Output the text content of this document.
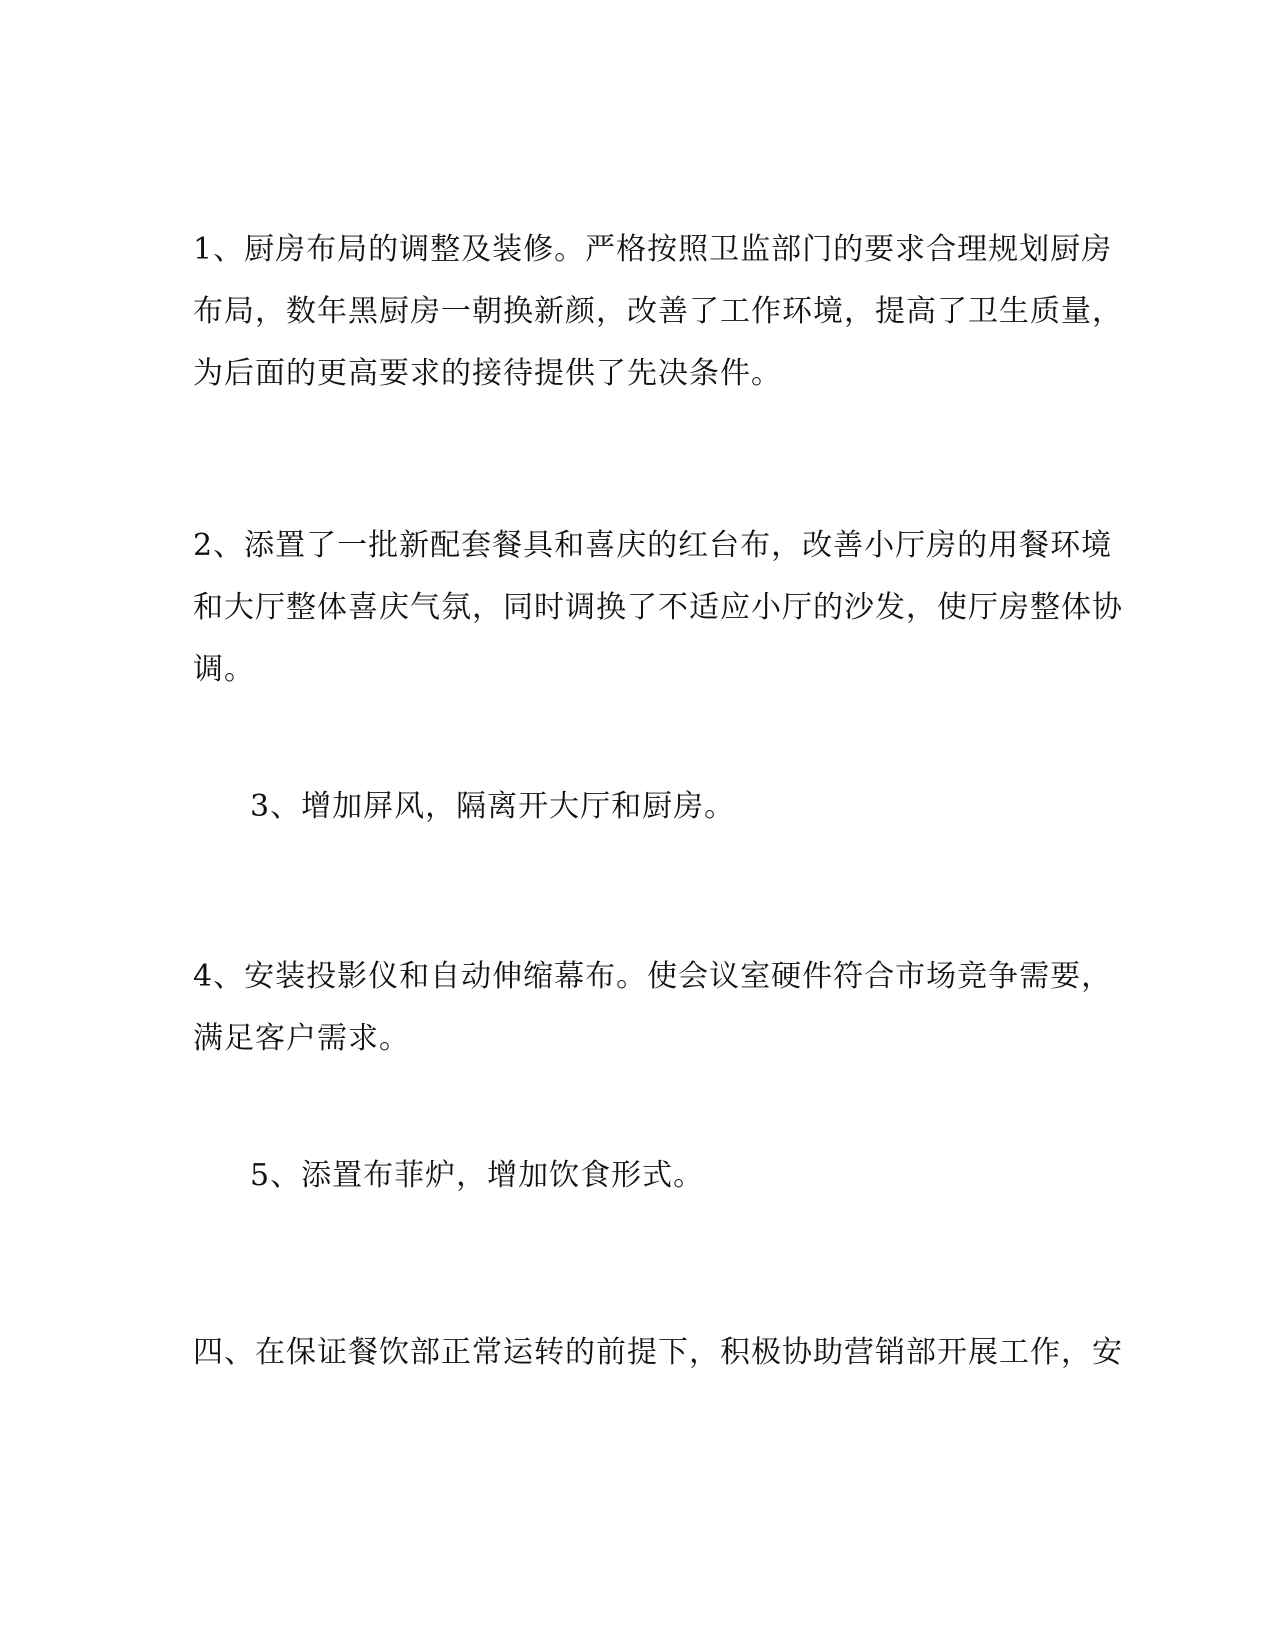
1、厨房布局的调整及装修。严格按照卫监部门的要求合理规划厨房
布局，数年黑厨房一朝换新颜，改善了工作环境，提高了卫生质量，
为后面的更高要求的接待提供了先决条件。

2、添置了一批新配套餐具和喜庆的红台布，改善小厅房的用餐环境
和大厅整体喜庆气氛，同时调换了不适应小厅的沙发，使厅房整体协
调。

3、增加屏风，隔离开大厅和厨房。

4、安装投影仪和自动伸缩幕布。使会议室硬件符合市场竞争需要，
满足客户需求。

5、添置布菲炉，增加饮食形式。

四、在保证餐饮部正常运转的前提下，积极协助营销部开展工作，安
